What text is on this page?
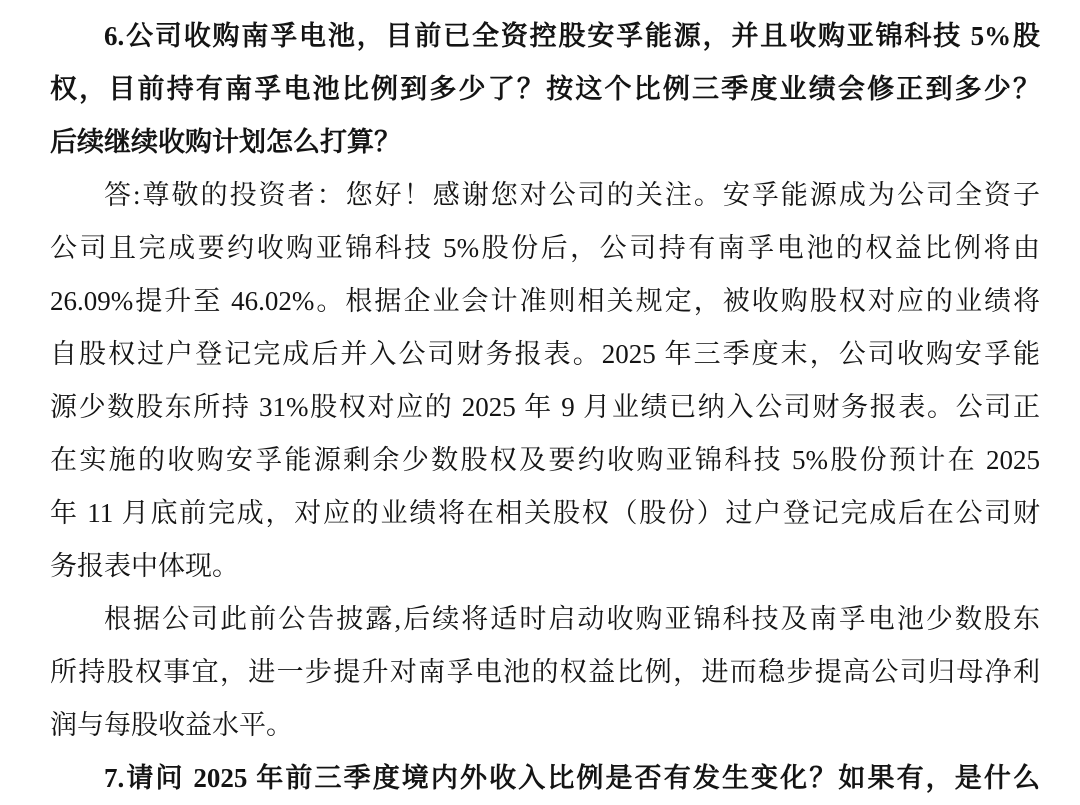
6.公司收购南孚电池，目前已全资控股安孚能源，并且收购亚锦科技 5%股
权，目前持有南孚电池比例到多少了？按这个比例三季度业绩会修正到多少？
后续继续收购计划怎么打算？
答:尊敬的投资者：您好！感谢您对公司的关注。安孚能源成为公司全资子
公司且完成要约收购亚锦科技 5%股份后，公司持有南孚电池的权益比例将由
26.09%提升至 46.02%。根据企业会计准则相关规定，被收购股权对应的业绩将
自股权过户登记完成后并入公司财务报表。2025 年三季度末，公司收购安孚能
源少数股东所持 31%股权对应的 2025 年 9 月业绩已纳入公司财务报表。公司正
在实施的收购安孚能源剩余少数股权及要约收购亚锦科技 5%股份预计在 2025
年 11 月底前完成，对应的业绩将在相关股权（股份）过户登记完成后在公司财
务报表中体现。
根据公司此前公告披露,后续将适时启动收购亚锦科技及南孚电池少数股东
所持股权事宜，进一步提升对南孚电池的权益比例，进而稳步提高公司归母净利
润与每股收益水平。
7.请问 2025 年前三季度境内外收入比例是否有发生变化？如果有，是什么
